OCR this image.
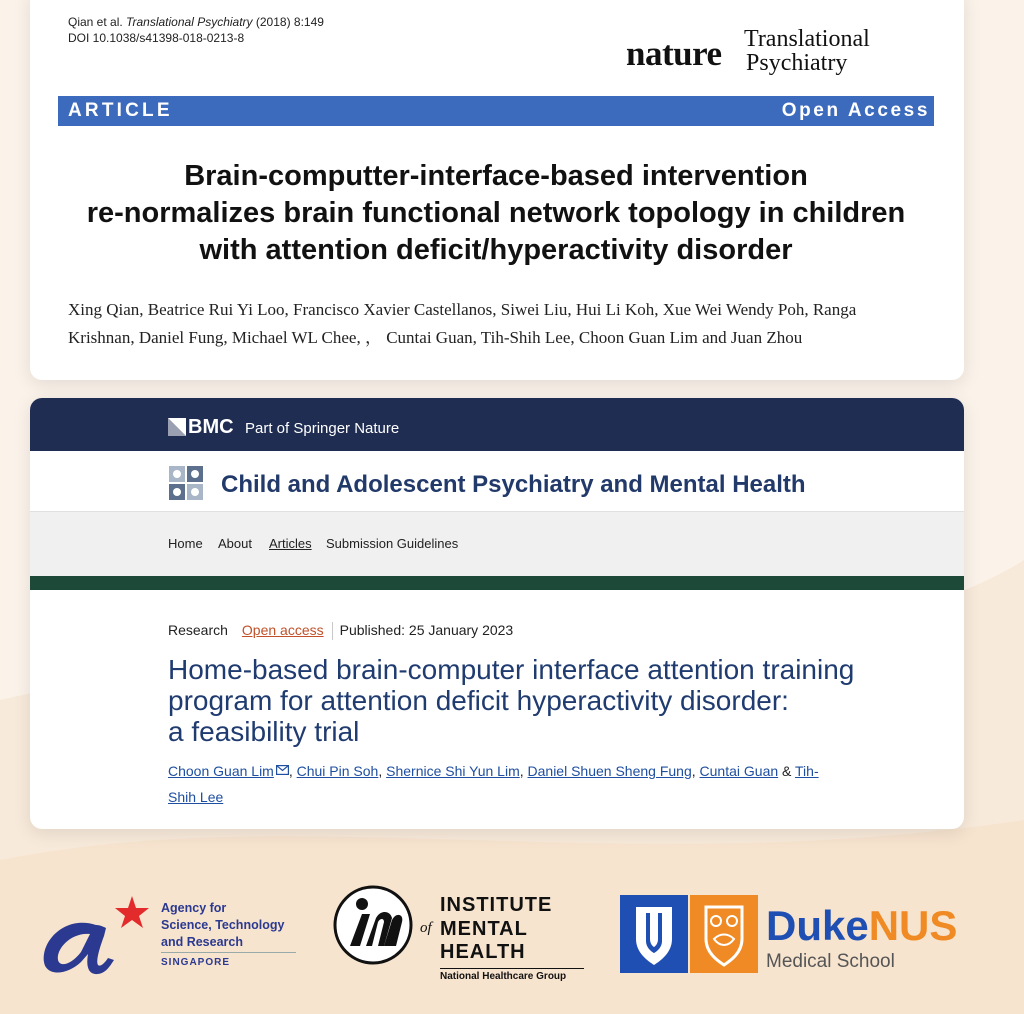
Qian et al. Translational Psychiatry (2018) 8:149
DOI 10.1038/s41398-018-0213-8	nature Translational
Psychiatry
ARTICLE	Open Access
Brain-computter-interface-based intervention
re-normalizes brain functional network topology in children
with attention deficit/hyperactivity disorder
Xing Qian, Beatrice Rui Yi Loo, Francisco Xavier Castellanos, Siwei Liu, Hui Li Koh, Xue Wei Wendy Poh, Ranga
Krishnan, Daniel Fung, Michael WL Chee, ， Cuntai Guan, Tih-Shih Lee, Choon Guan Lim and Juan Zhou
BMC Part of Springer Nature
Child and Adolescent Psychiatry and Mental Health
Home About Articles Submission Guidelines
Research Open access Published: 25 January 2023
Home-based brain-computer interface attention training
program for attention deficit hyperactivity disorder:
a feasibility trial
Choon Guan Lim , Chui Pin Soh, Shernice Shi Yun Lim, Daniel Shuen Sheng Fung, Cuntai Guan & Tih-
Shih Lee
Agency for
Science, Technology
and Research
SINGAPORE
of
INSTITUTE
MENTAL
HEALTH
National Healthcare Group
DukeNUS
Medical School
